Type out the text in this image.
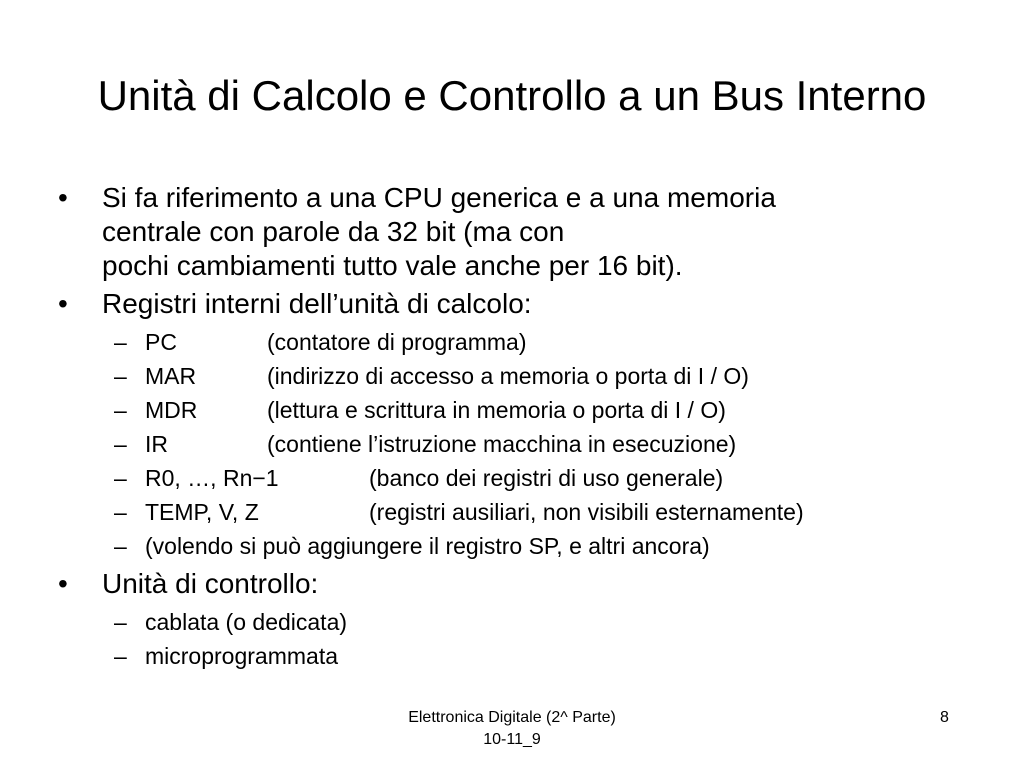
Unità di Calcolo e Controllo a un Bus Interno
• Si fa riferimento a una CPU generica e a una memoria
centrale con parole da 32 bit (ma con
pochi cambiamenti tutto vale anche per 16 bit).
• Registri interni dell’unità di calcolo:
– PC	(contatore di programma)
– MAR	(indirizzo di accesso a memoria o porta di I / O)
– MDR	(lettura e scrittura in memoria o porta di I / O)
– IR	(contiene l’istruzione macchina in esecuzione)
– R0, …, Rn−1	(banco dei registri di uso generale)
– TEMP, V, Z	(registri ausiliari, non visibili esternamente)
– (volendo si può aggiungere il registro SP, e altri ancora)
• Unità di controllo:
– cablata (o dedicata)
– microprogrammata
Elettronica Digitale (2^ Parte)
10-11_9
8
